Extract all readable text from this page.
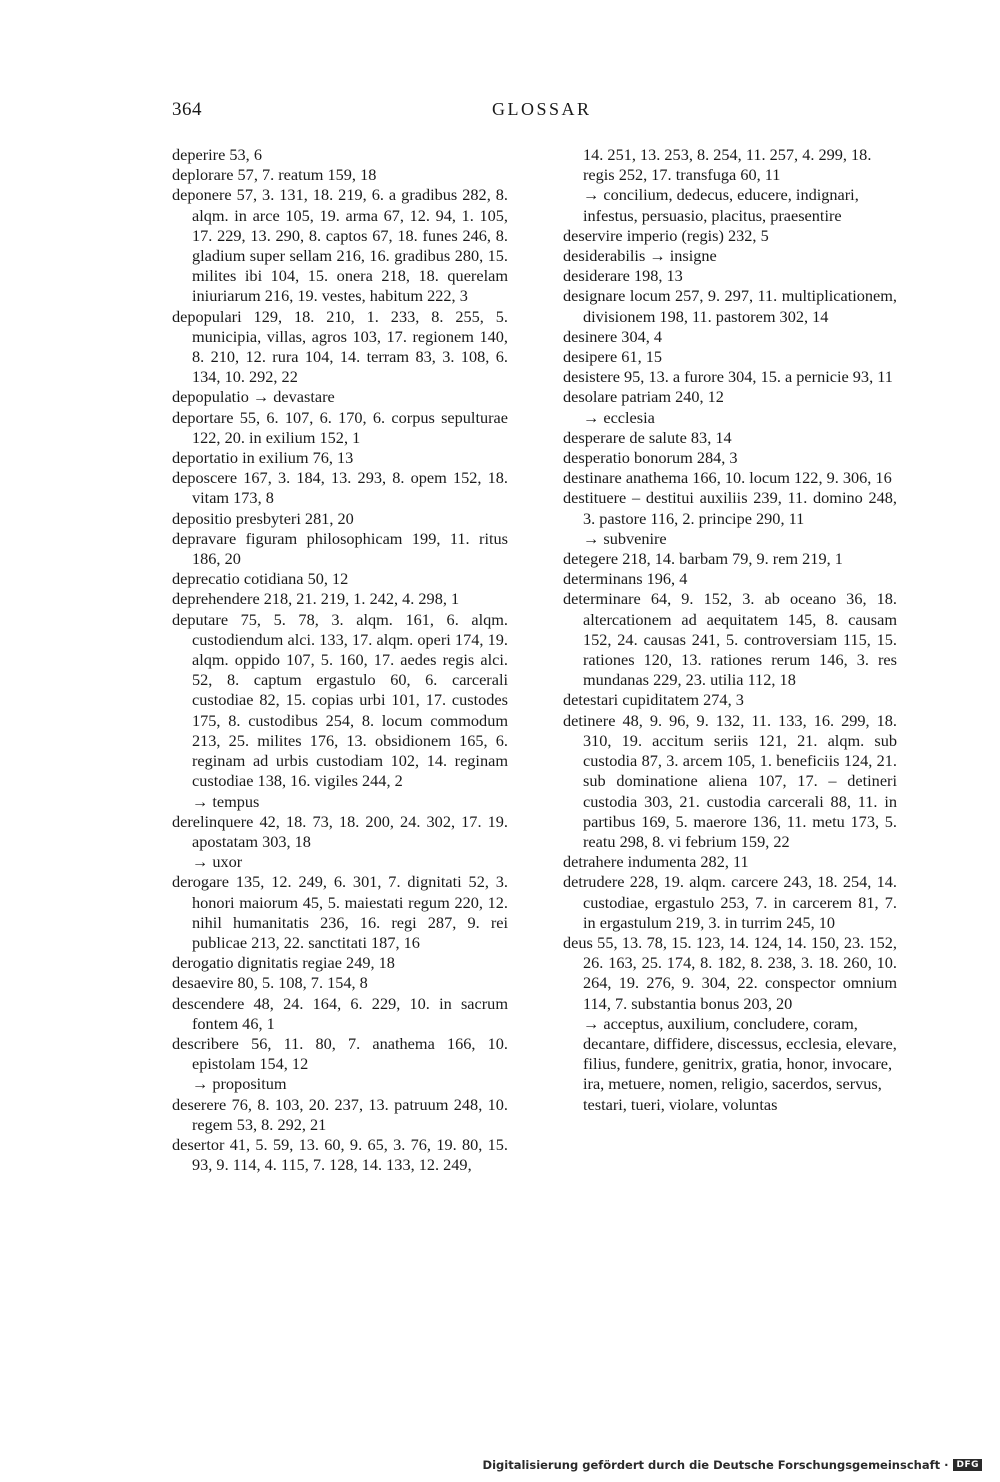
364	GLOSSAR
deperire 53, 6
deplorare 57, 7. reatum 159, 18
deponere 57, 3. 131, 18. 219, 6. a gradibus 282, 8. alqm. in arce 105, 19. arma 67, 12. 94, 1. 105, 17. 229, 13. 290, 8. captos 67, 18. funes 246, 8. gladium super sellam 216, 16. gradibus 280, 15. milites ibi 104, 15. onera 218, 18. querelam iniuriarum 216, 19. vestes, habitum 222, 3
depopulari 129, 18. 210, 1. 233, 8. 255, 5. municipia, villas, agros 103, 17. regionem 140, 8. 210, 12. rura 104, 14. terram 83, 3. 108, 6. 134, 10. 292, 22
depopulatio → devastare
deportare 55, 6. 107, 6. 170, 6. corpus sepulturae 122, 20. in exilium 152, 1
deportatio in exilium 76, 13
deposcere 167, 3. 184, 13. 293, 8. opem 152, 18. vitam 173, 8
depositio presbyteri 281, 20
depravare figuram philosophicam 199, 11. ritus 186, 20
deprecatio cotidiana 50, 12
deprehendere 218, 21. 219, 1. 242, 4. 298, 1
deputare 75, 5. 78, 3. alqm. 161, 6. alqm. custodiendum alci. 133, 17. alqm. operi 174, 19. alqm. oppido 107, 5. 160, 17. aedes regis alci. 52, 8. captum ergastulo 60, 6. carcerali custodiae 82, 15. copias urbi 101, 17. custodes 175, 8. custodibus 254, 8. locum commodum 213, 25. milites 176, 13. obsidionem 165, 6. reginam ad urbis custodiam 102, 14. reginam custodiae 138, 16. vigiles 244, 2
→ tempus
derelinquere 42, 18. 73, 18. 200, 24. 302, 17. 19. apostatam 303, 18
→ uxor
derogare 135, 12. 249, 6. 301, 7. dignitati 52, 3. honori maiorum 45, 5. maiestati regum 220, 12. nihil humanitatis 236, 16. regi 287, 9. rei publicae 213, 22. sanctitati 187, 16
derogatio dignitatis regiae 249, 18
desaevire 80, 5. 108, 7. 154, 8
descendere 48, 24. 164, 6. 229, 10. in sacrum fontem 46, 1
describere 56, 11. 80, 7. anathema 166, 10. epistolam 154, 12
→ propositum
deserere 76, 8. 103, 20. 237, 13. patruum 248, 10. regem 53, 8. 292, 21
desertor 41, 5. 59, 13. 60, 9. 65, 3. 76, 19. 80, 15. 93, 9. 114, 4. 115, 7. 128, 14. 133, 12. 249,
14. 251, 13. 253, 8. 254, 11. 257, 4. 299, 18. regis 252, 17. transfuga 60, 11
→ concilium, dedecus, educere, indignari, infestus, persuasio, placitus, praesentire
deservire imperio (regis) 232, 5
desiderabilis → insigne
desiderare 198, 13
designare locum 257, 9. 297, 11. multiplicationem, divisionem 198, 11. pastorem 302, 14
desinere 304, 4
desipere 61, 15
desistere 95, 13. a furore 304, 15. a pernicie 93, 11
desolare patriam 240, 12
→ ecclesia
desperare de salute 83, 14
desperatio bonorum 284, 3
destinare anathema 166, 10. locum 122, 9. 306, 16
destituere – destitui auxiliis 239, 11. domino 248, 3. pastore 116, 2. principe 290, 11
→ subvenire
detegere 218, 14. barbam 79, 9. rem 219, 1
determinans 196, 4
determinare 64, 9. 152, 3. ab oceano 36, 18. altercationem ad aequitatem 145, 8. causam 152, 24. causas 241, 5. controversiam 115, 15. rationes 120, 13. rationes rerum 146, 3. res mundanas 229, 23. utilia 112, 18
detestari cupiditatem 274, 3
detinere 48, 9. 96, 9. 132, 11. 133, 16. 299, 18. 310, 19. accitum seriis 121, 21. alqm. sub custodia 87, 3. arcem 105, 1. beneficiis 124, 21. sub dominatione aliena 107, 17. – detineri custodia 303, 21. custodia carcerali 88, 11. in partibus 169, 5. maerore 136, 11. metu 173, 5. reatu 298, 8. vi febrium 159, 22
detrahere indumenta 282, 11
detrudere 228, 19. alqm. carcere 243, 18. 254, 14. custodiae, ergastulo 253, 7. in carcerem 81, 7. in ergastulum 219, 3. in turrim 245, 10
deus 55, 13. 78, 15. 123, 14. 124, 14. 150, 23. 152, 26. 163, 25. 174, 8. 182, 8. 238, 3. 18. 260, 10. 264, 19. 276, 9. 304, 22. conspector omnium 114, 7. substantia bonus 203, 20
→ acceptus, auxilium, concludere, coram, decantare, diffidere, discessus, ecclesia, elevare, filius, fundere, genitrix, gratia, honor, invocare, ira, metuere, nomen, religio, sacerdos, servus, testari, tueri, violare, voluntas
Digitalisierung gefördert durch die Deutsche Forschungsgemeinschaft · DFG
